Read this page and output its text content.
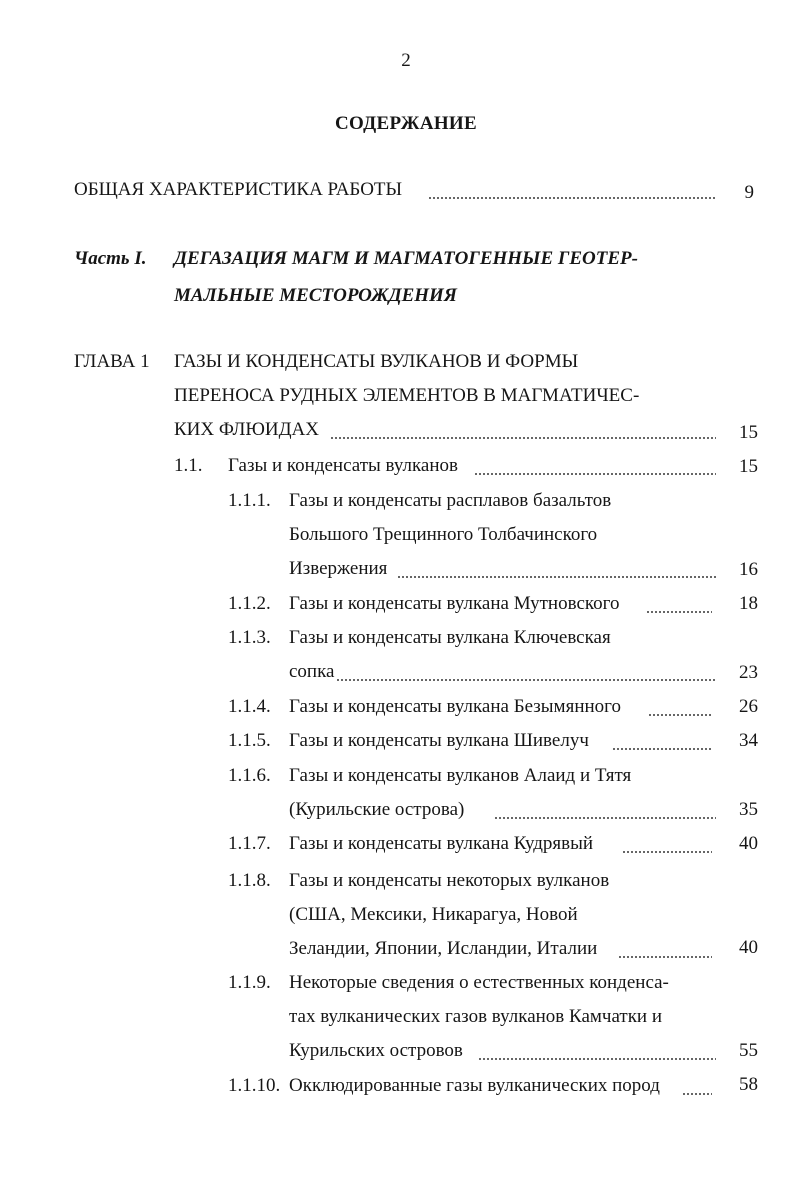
2
СОДЕРЖАНИЕ
ОБЩАЯ ХАРАКТЕРИСТИКА РАБОТЫ	9
Часть I. ДЕГАЗАЦИЯ МАГМ И МАГМАТОГЕННЫЕ ГЕОТЕР-
МАЛЬНЫЕ МЕСТОРОЖДЕНИЯ
ГЛАВА 1 ГАЗЫ И КОНДЕНСАТЫ ВУЛКАНОВ И ФОРМЫ
ПЕРЕНОСА РУДНЫХ ЭЛЕМЕНТОВ В МАГМАТИЧЕС-
КИХ ФЛЮИДАХ	15
1.1. Газы и конденсаты вулканов	15
1.1.1. Газы и конденсаты расплавов базальтов
Большого Трещинного Толбачинского
Извержения	16
1.1.2. Газы и конденсаты вулкана Мутновского	18
1.1.3. Газы и конденсаты вулкана Ключевская
сопка	23
1.1.4. Газы и конденсаты вулкана Безымянного	26
1.1.5. Газы и конденсаты вулкана Шивелуч	34
1.1.6. Газы и конденсаты вулканов Алаид и Тятя
(Курильские острова)	35
1.1.7. Газы и конденсаты вулкана Кудрявый	40
1.1.8. Газы и конденсаты некоторых вулканов
(США, Мексики, Никарагуа, Новой
Зеландии, Японии, Исландии, Италии	40
1.1.9. Некоторые сведения о естественных конденса-
тах вулканических газов вулканов Камчатки и
Курильских островов	55
1.1.10. Окклюдированные газы вулканических пород	58
